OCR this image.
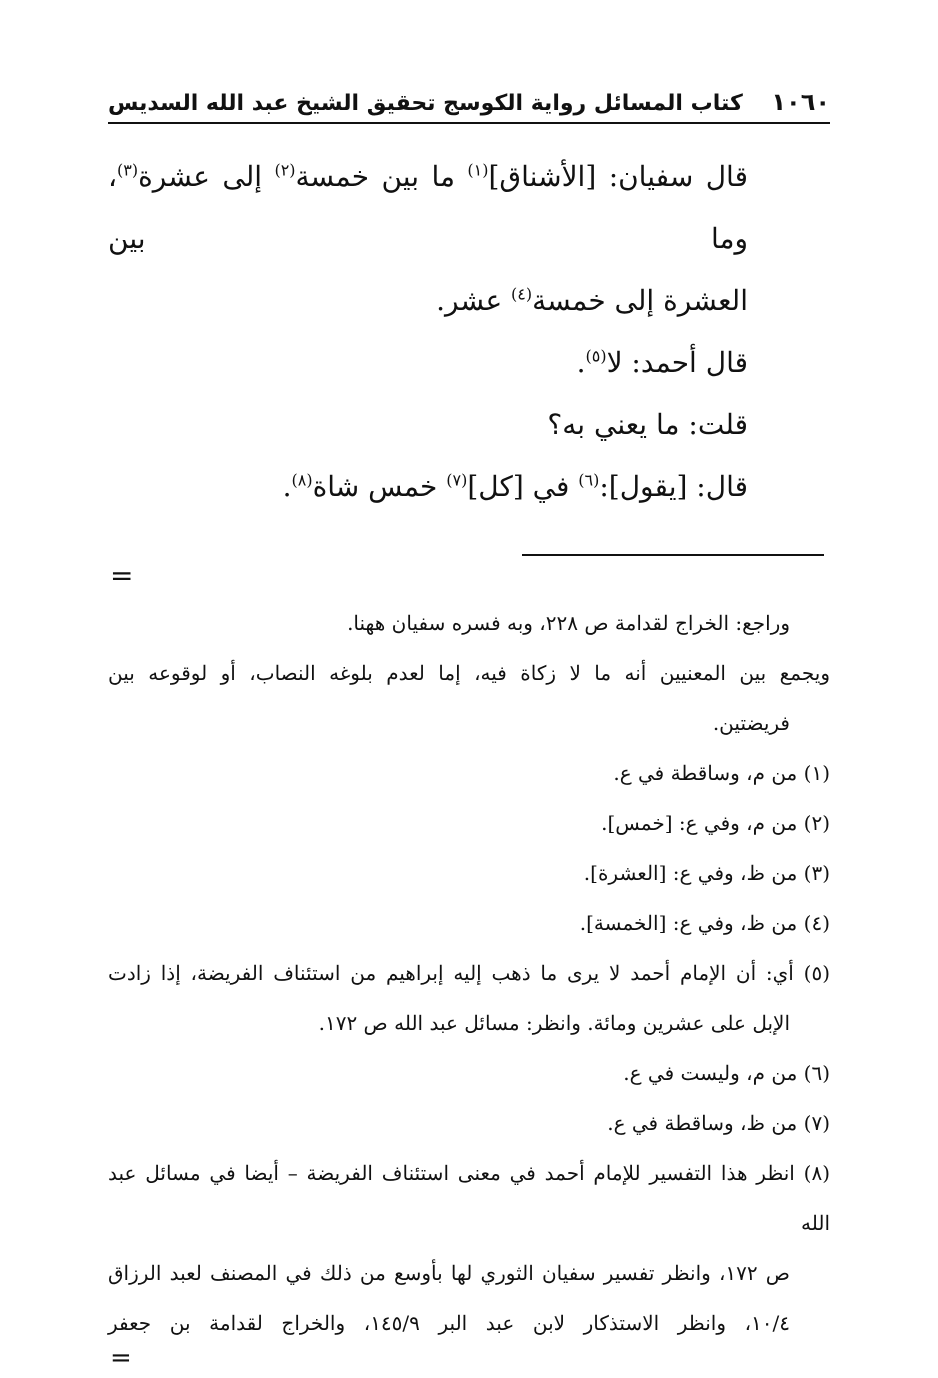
١٠٦٠
كتاب المسائل رواية الكوسج تحقيق الشيخ عبد الله السديس

قال سفيان: [الأشناق]$^{(١)}$ ما بين خمسة$^{(٢)}$ إلى عشرة$^{(٣)}$، وما بين

العشرة إلى خمسة$^{(٤)}$ عشر.

قال أحمد: لا$^{(٥)}$.

قلت: ما يعني به؟

قال: [يقول]:$^{(٦)}$ في [كل]$^{(٧)}$ خمس شاة$^{(٨)}$.

=

وراجع: الخراج لقدامة ص ٢٢٨، وبه فسره سفيان ههنا.

ويجمع بين المعنيين أنه ما لا زكاة فيه، إما لعدم بلوغه النصاب، أو لوقوعه بين

فريضتين.

(١) من م، وساقطة في ع.

(٢) من م، وفي ع: [خمس].

(٣) من ظ، وفي ع: [العشرة].

(٤) من ظ، وفي ع: [الخمسة].

(٥) أي: أن الإمام أحمد لا يرى ما ذهب إليه إبراهيم من استئناف الفريضة، إذا زادت

الإبل على عشرين ومائة. وانظر: مسائل عبد الله ص ١٧٢.

(٦) من م، وليست في ع.

(٧) من ظ، وساقطة في ع.

(٨) انظر هذا التفسير للإمام أحمد في معنى استئناف الفريضة – أيضا في مسائل عبد الله

ص ١٧٢، وانظر تفسير سفيان الثوري لها بأوسع من ذلك في المصنف لعبد الرزاق

١٠/٤، وانظر الاستذكار لابن عبد البر ١٤٥/٩، والخراج لقدامة بن جعفر

=
